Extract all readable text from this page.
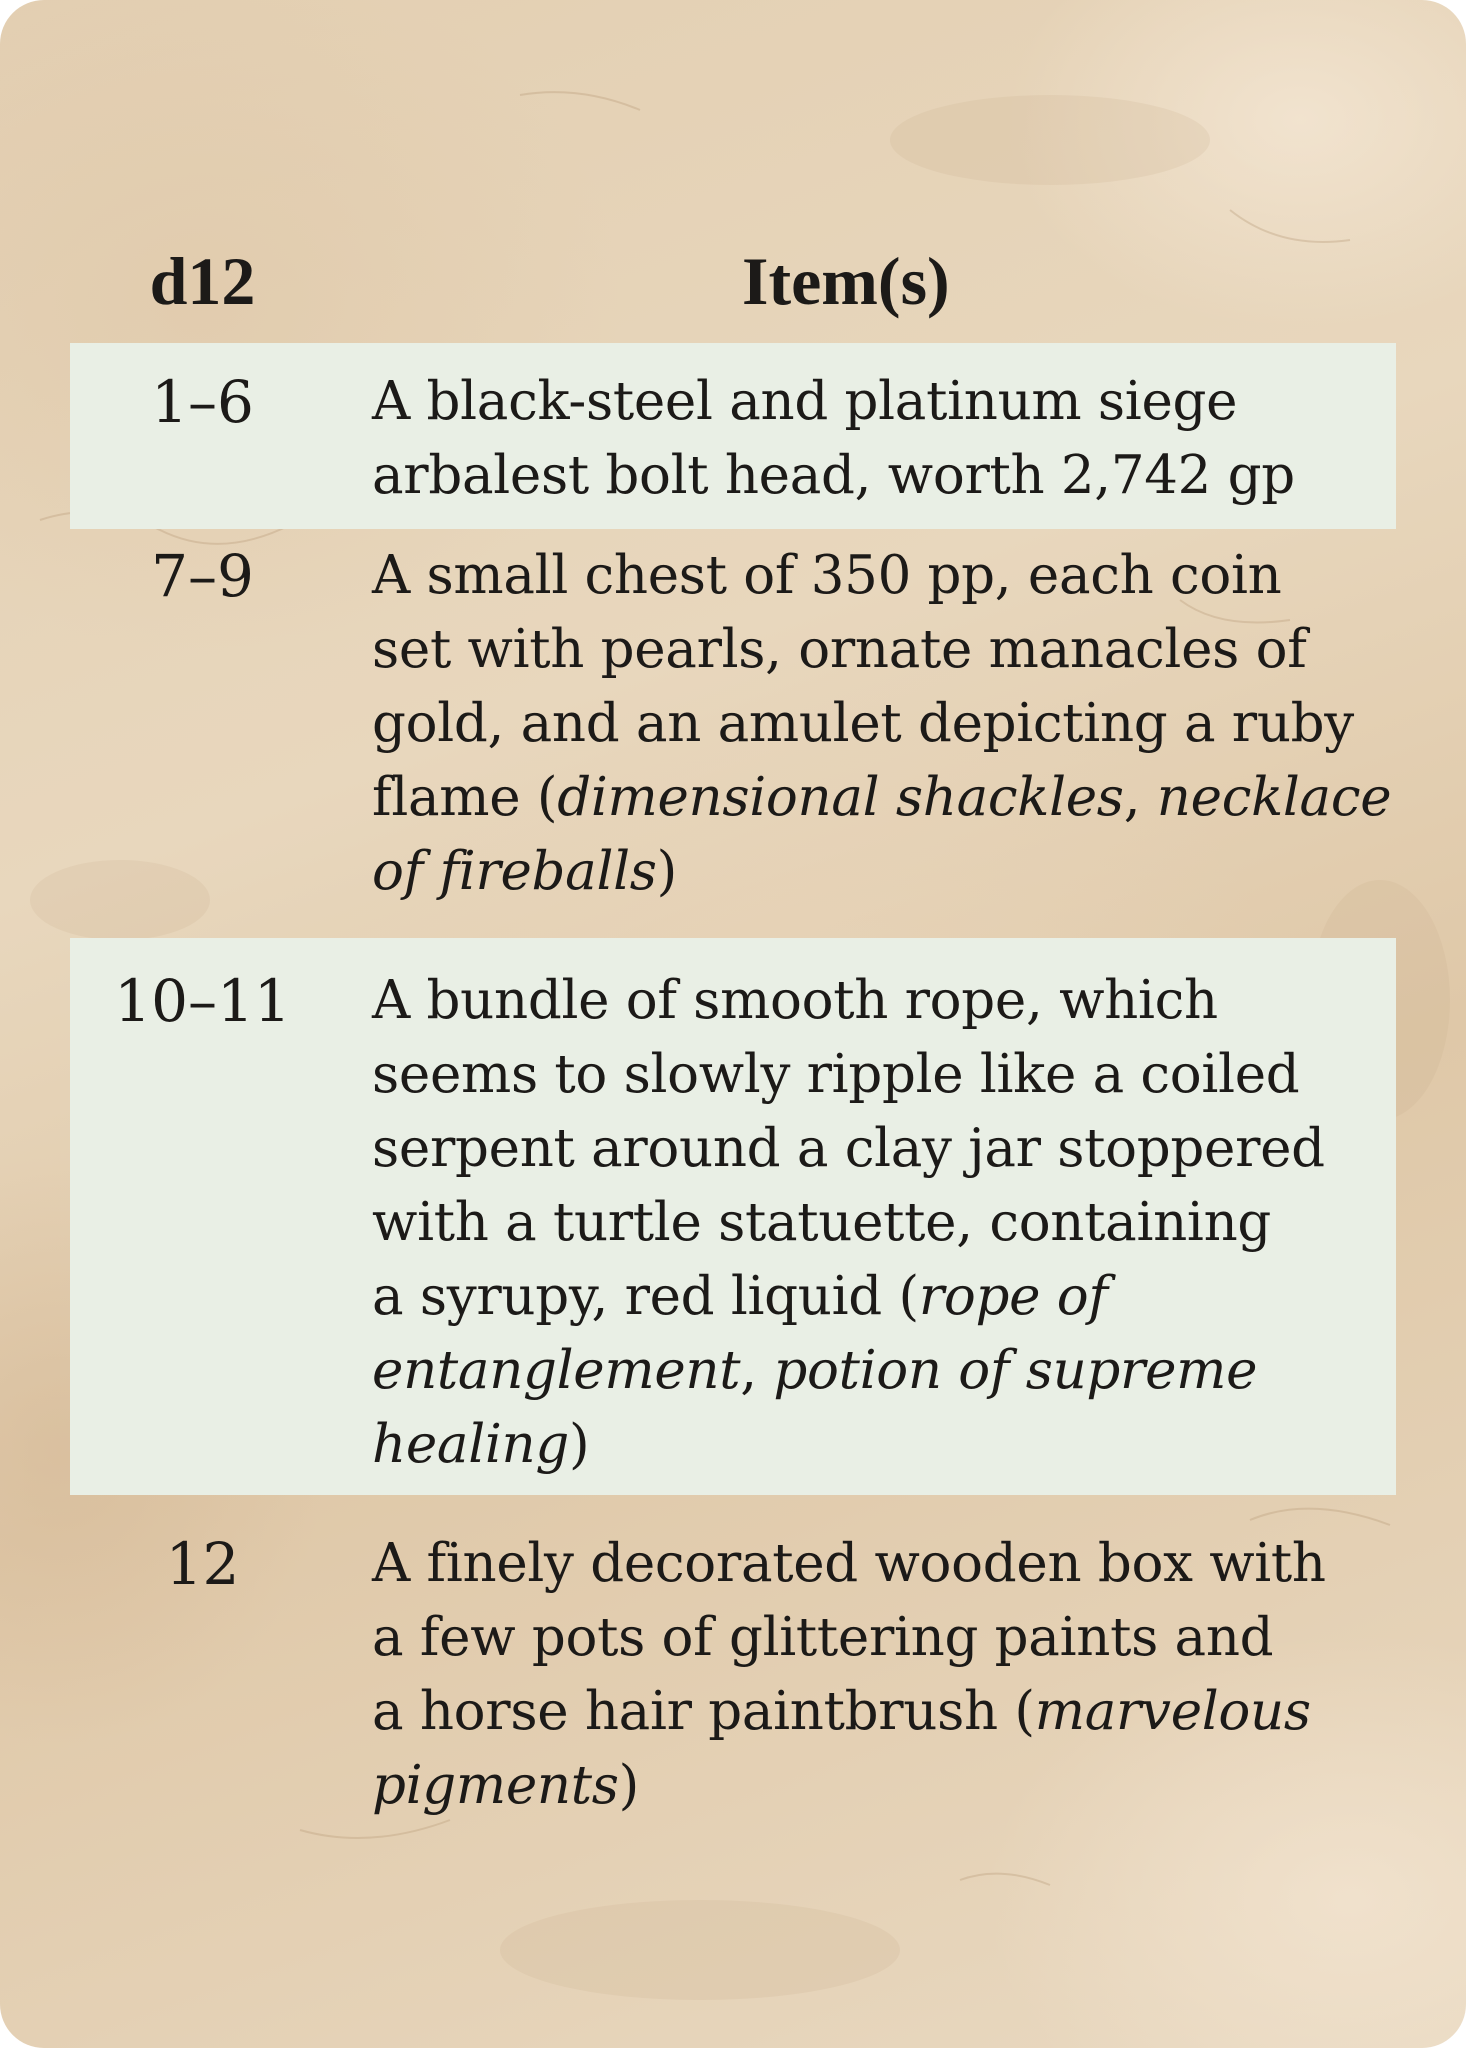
d12	Item(s)
1–6	A black-steel and platinum siege
arbalest bolt head, worth 2,742 gp
7–9	A small chest of 350 pp, each coin
set with pearls, ornate manacles of
gold, and an amulet depicting a ruby
flame (dimensional shackles, necklace
of fireballs)
10–11	A bundle of smooth rope, which
seems to slowly ripple like a coiled
serpent around a clay jar stoppered
with a turtle statuette, containing
a syrupy, red liquid (rope of
entanglement, potion of supreme
healing)
12	A finely decorated wooden box with
a few pots of glittering paints and
a horse hair paintbrush (marvelous
pigments)
